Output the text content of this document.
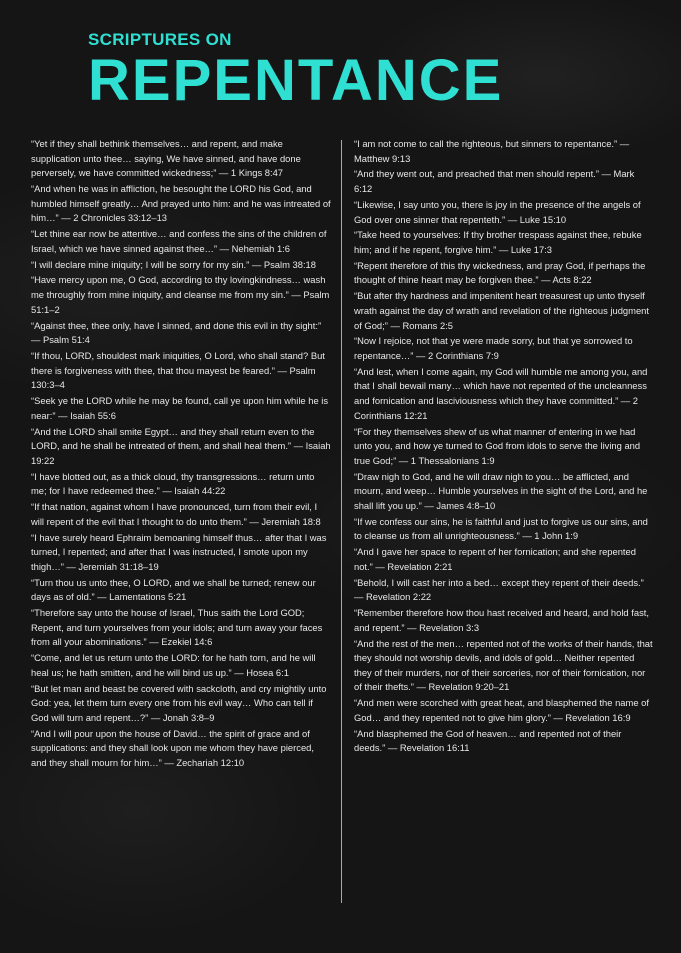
SCRIPTURES ON
REPENTANCE

“Yet if they shall bethink themselves… and repent, and make supplication unto thee… saying, We have sinned, and have done perversely, we have committed wickedness;” — 1 Kings 8:47

“And when he was in affliction, he besought the LORD his God, and humbled himself greatly… And prayed unto him: and he was intreated of him…” — 2 Chronicles 33:12–13

“Let thine ear now be attentive… and confess the sins of the children of Israel, which we have sinned against thee…” — Nehemiah 1:6

“I will declare mine iniquity; I will be sorry for my sin.” — Psalm 38:18

“Have mercy upon me, O God, according to thy lovingkindness… wash me throughly from mine iniquity, and cleanse me from my sin.” — Psalm 51:1–2

“Against thee, thee only, have I sinned, and done this evil in thy sight:” — Psalm 51:4

“If thou, LORD, shouldest mark iniquities, O Lord, who shall stand? But there is forgiveness with thee, that thou mayest be feared.” — Psalm 130:3–4

“Seek ye the LORD while he may be found, call ye upon him while he is near:” — Isaiah 55:6

“And the LORD shall smite Egypt… and they shall return even to the LORD, and he shall be intreated of them, and shall heal them.” — Isaiah 19:22

“I have blotted out, as a thick cloud, thy transgressions… return unto me; for I have redeemed thee.” — Isaiah 44:22

“If that nation, against whom I have pronounced, turn from their evil, I will repent of the evil that I thought to do unto them.” — Jeremiah 18:8

“I have surely heard Ephraim bemoaning himself thus… after that I was turned, I repented; and after that I was instructed, I smote upon my thigh…” — Jeremiah 31:18–19

“Turn thou us unto thee, O LORD, and we shall be turned; renew our days as of old.” — Lamentations 5:21

“Therefore say unto the house of Israel, Thus saith the Lord GOD; Repent, and turn yourselves from your idols; and turn away your faces from all your abominations.” — Ezekiel 14:6

“Come, and let us return unto the LORD: for he hath torn, and he will heal us; he hath smitten, and he will bind us up.” — Hosea 6:1

“But let man and beast be covered with sackcloth, and cry mightily unto God: yea, let them turn every one from his evil way… Who can tell if God will turn and repent…?” — Jonah 3:8–9

“And I will pour upon the house of David… the spirit of grace and of supplications: and they shall look upon me whom they have pierced, and they shall mourn for him…” — Zechariah 12:10

“I am not come to call the righteous, but sinners to repentance.” — Matthew 9:13

“And they went out, and preached that men should repent.” — Mark 6:12

“Likewise, I say unto you, there is joy in the presence of the angels of God over one sinner that repenteth.” — Luke 15:10

“Take heed to yourselves: If thy brother trespass against thee, rebuke him; and if he repent, forgive him.” — Luke 17:3

“Repent therefore of this thy wickedness, and pray God, if perhaps the thought of thine heart may be forgiven thee.” — Acts 8:22

“But after thy hardness and impenitent heart treasurest up unto thyself wrath against the day of wrath and revelation of the righteous judgment of God;” — Romans 2:5

“Now I rejoice, not that ye were made sorry, but that ye sorrowed to repentance…” — 2 Corinthians 7:9

“And lest, when I come again, my God will humble me among you, and that I shall bewail many… which have not repented of the uncleanness and fornication and lasciviousness which they have committed.” — 2 Corinthians 12:21

“For they themselves shew of us what manner of entering in we had unto you, and how ye turned to God from idols to serve the living and true God;” — 1 Thessalonians 1:9

“Draw nigh to God, and he will draw nigh to you… be afflicted, and mourn, and weep… Humble yourselves in the sight of the Lord, and he shall lift you up.” — James 4:8–10

“If we confess our sins, he is faithful and just to forgive us our sins, and to cleanse us from all unrighteousness.” — 1 John 1:9

“And I gave her space to repent of her fornication; and she repented not.” — Revelation 2:21

“Behold, I will cast her into a bed… except they repent of their deeds.” — Revelation 2:22

“Remember therefore how thou hast received and heard, and hold fast, and repent.” — Revelation 3:3

“And the rest of the men… repented not of the works of their hands, that they should not worship devils, and idols of gold… Neither repented they of their murders, nor of their sorceries, nor of their fornication, nor of their thefts.” — Revelation 9:20–21

“And men were scorched with great heat, and blasphemed the name of God… and they repented not to give him glory.” — Revelation 16:9

“And blasphemed the God of heaven… and repented not of their deeds.” — Revelation 16:11
